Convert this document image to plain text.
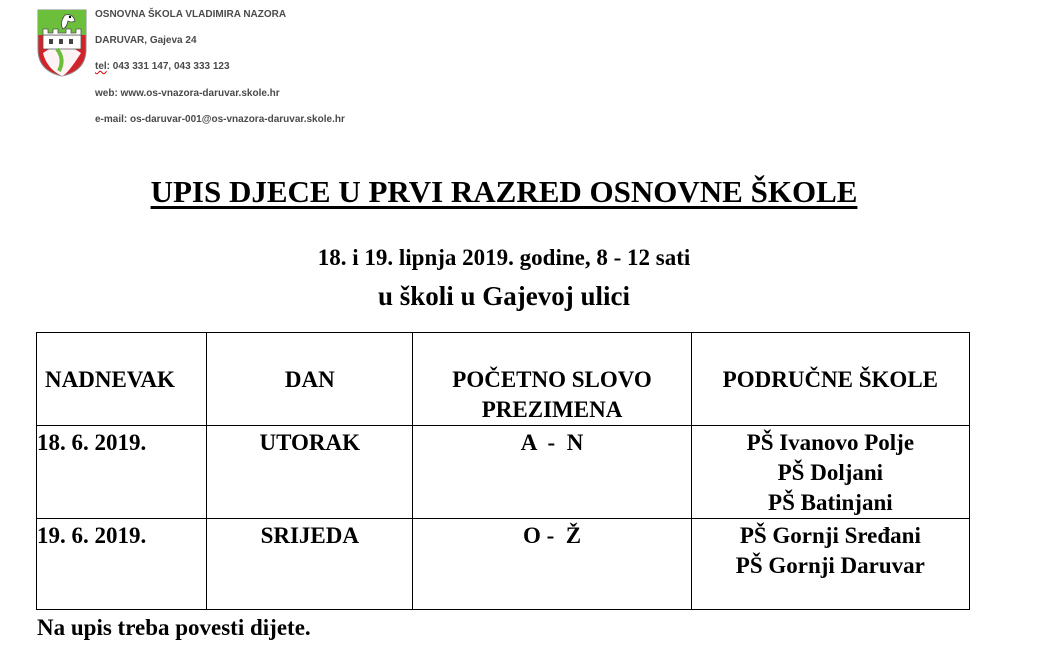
OSNOVNA ŠKOLA VLADIMIRA NAZORA
DARUVAR, Gajeva 24
tel: 043 331 147, 043 333 123
web: www.os-vnazora-daruvar.skole.hr
e-mail: os-daruvar-001@os-vnazora-daruvar.skole.hr
UPIS DJECE U PRVI RAZRED OSNOVNE ŠKOLE
18. i 19. lipnja 2019. godine, 8 - 12 sati
u školi u Gajevoj ulici
NADNEVAK	DAN	POČETNO SLOVO PREZIMENA	PODRUČNE ŠKOLE

18. 6. 2019.	UTORAK	A  -  N	PŠ Ivanovo Polje
PŠ Doljani
PŠ Batinjani

19. 6. 2019.	SRIJEDA	O -  Ž	PŠ Gornji Sređani
PŠ Gornji Daruvar
Na upis treba povesti dijete.
